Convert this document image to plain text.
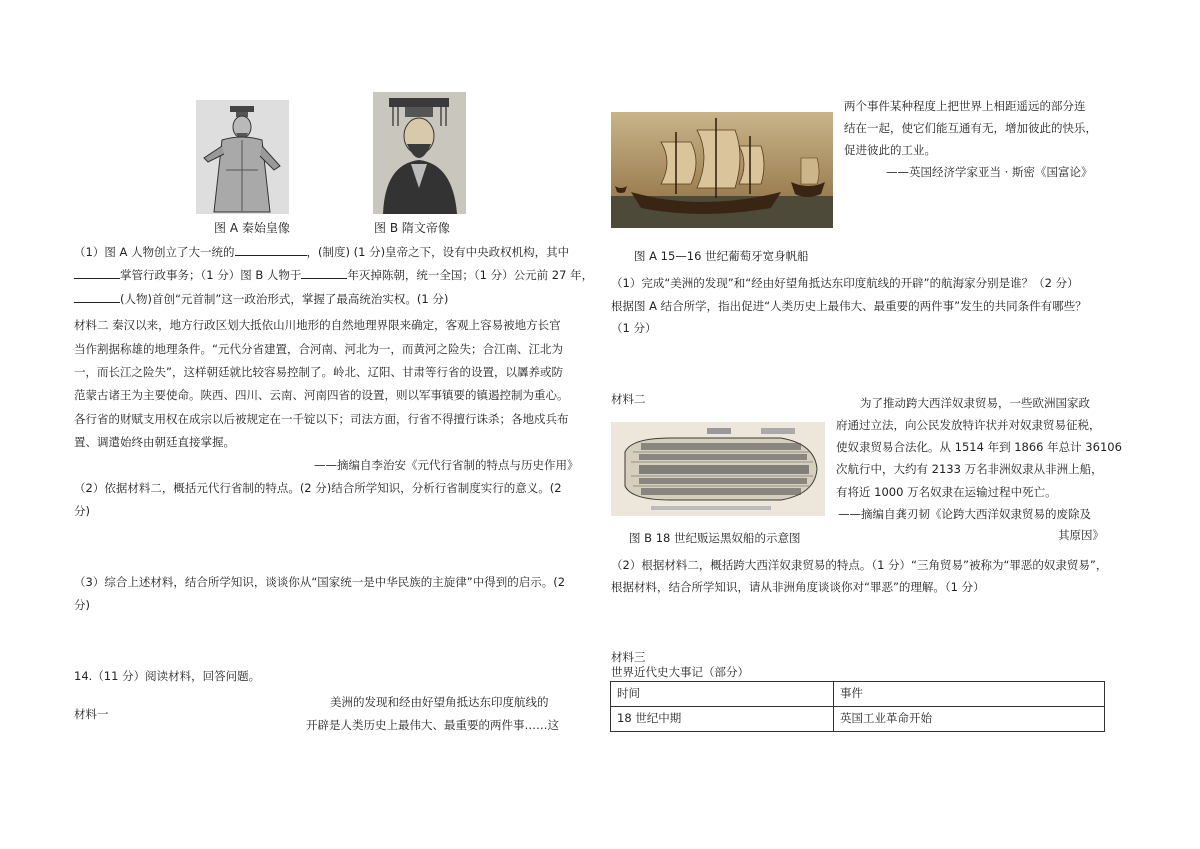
图 A 秦始皇像	图 B 隋文帝像
（1）图 A 人物创立了大一统的	，(制度) (1 分)皇帝之下，设有中央政权机构，其中
掌管行政事务；（1 分）图 B 人物于	年灭掉陈朝，统一全国；（1 分）公元前 27 年，
(人物)首创“元首制”这一政治形式，掌握了最高统治实权。(1 分)
材料二 秦汉以来，地方行政区划大抵依山川地形的自然地理界限来确定，客观上容易被地方长官
当作割据称雄的地理条件。“元代分省建置，合河南、河北为一，而黄河之险失；合江南、江北为
一，而长江之险失”，这样朝廷就比较容易控制了。岭北、辽阳、甘肃等行省的设置，以羼养或防
范蒙古诸王为主要使命。陕西、四川、云南、河南四省的设置，则以军事镇要的镇遏控制为重心。
各行省的财赋支用权在成宗以后被规定在一千锭以下；司法方面，行省不得擅行诛杀；各地戍兵布
置、调遣始终由朝廷直接掌握。
——摘编自李治安《元代行省制的特点与历史作用》
（2）依据材料二，概括元代行省制的特点。(2 分)结合所学知识，分析行省制度实行的意义。(2
分)
（3）综合上述材料，结合所学知识，谈谈你从“国家统一是中华民族的主旋律”中得到的启示。(2
分)
14.（11 分）阅读材料，回答问题。
美洲的发现和经由好望角抵达东印度航线的
材料一
开辟是人类历史上最伟大、最重要的两件事……这
两个事件某种程度上把世界上相距遥远的部分连
结在一起，使它们能互通有无，增加彼此的快乐，
促进彼此的工业。
——英国经济学家亚当 · 斯密《国富论》
图 A 15—16 世纪葡萄牙宽身帆船
（1）完成“美洲的发现”和“经由好望角抵达东印度航线的开辟”的航海家分别是谁？（2 分）
根据图 A 结合所学，指出促进“人类历史上最伟大、最重要的两件事”发生的共同条件有哪些？
（1 分）
材料二	为了推动跨大西洋奴隶贸易，一些欧洲国家政
府通过立法，向公民发放特许状并对奴隶贸易征税，
使奴隶贸易合法化。从 1514 年到 1866 年总计 36106
次航行中，大约有 2133 万名非洲奴隶从非洲上船，
有将近 1000 万名奴隶在运输过程中死亡。
——摘编自龚刃韧《论跨大西洋奴隶贸易的废除及
其原因》
图 B 18 世纪贩运黑奴船的示意图
（2）根据材料二，概括跨大西洋奴隶贸易的特点。（1 分）“三角贸易”被称为“罪恶的奴隶贸易”，
根据材料，结合所学知识，请从非洲角度谈谈你对“罪恶”的理解。（1 分）
材料三
世界近代史大事记（部分）
时间	事件
18 世纪中期	英国工业革命开始
